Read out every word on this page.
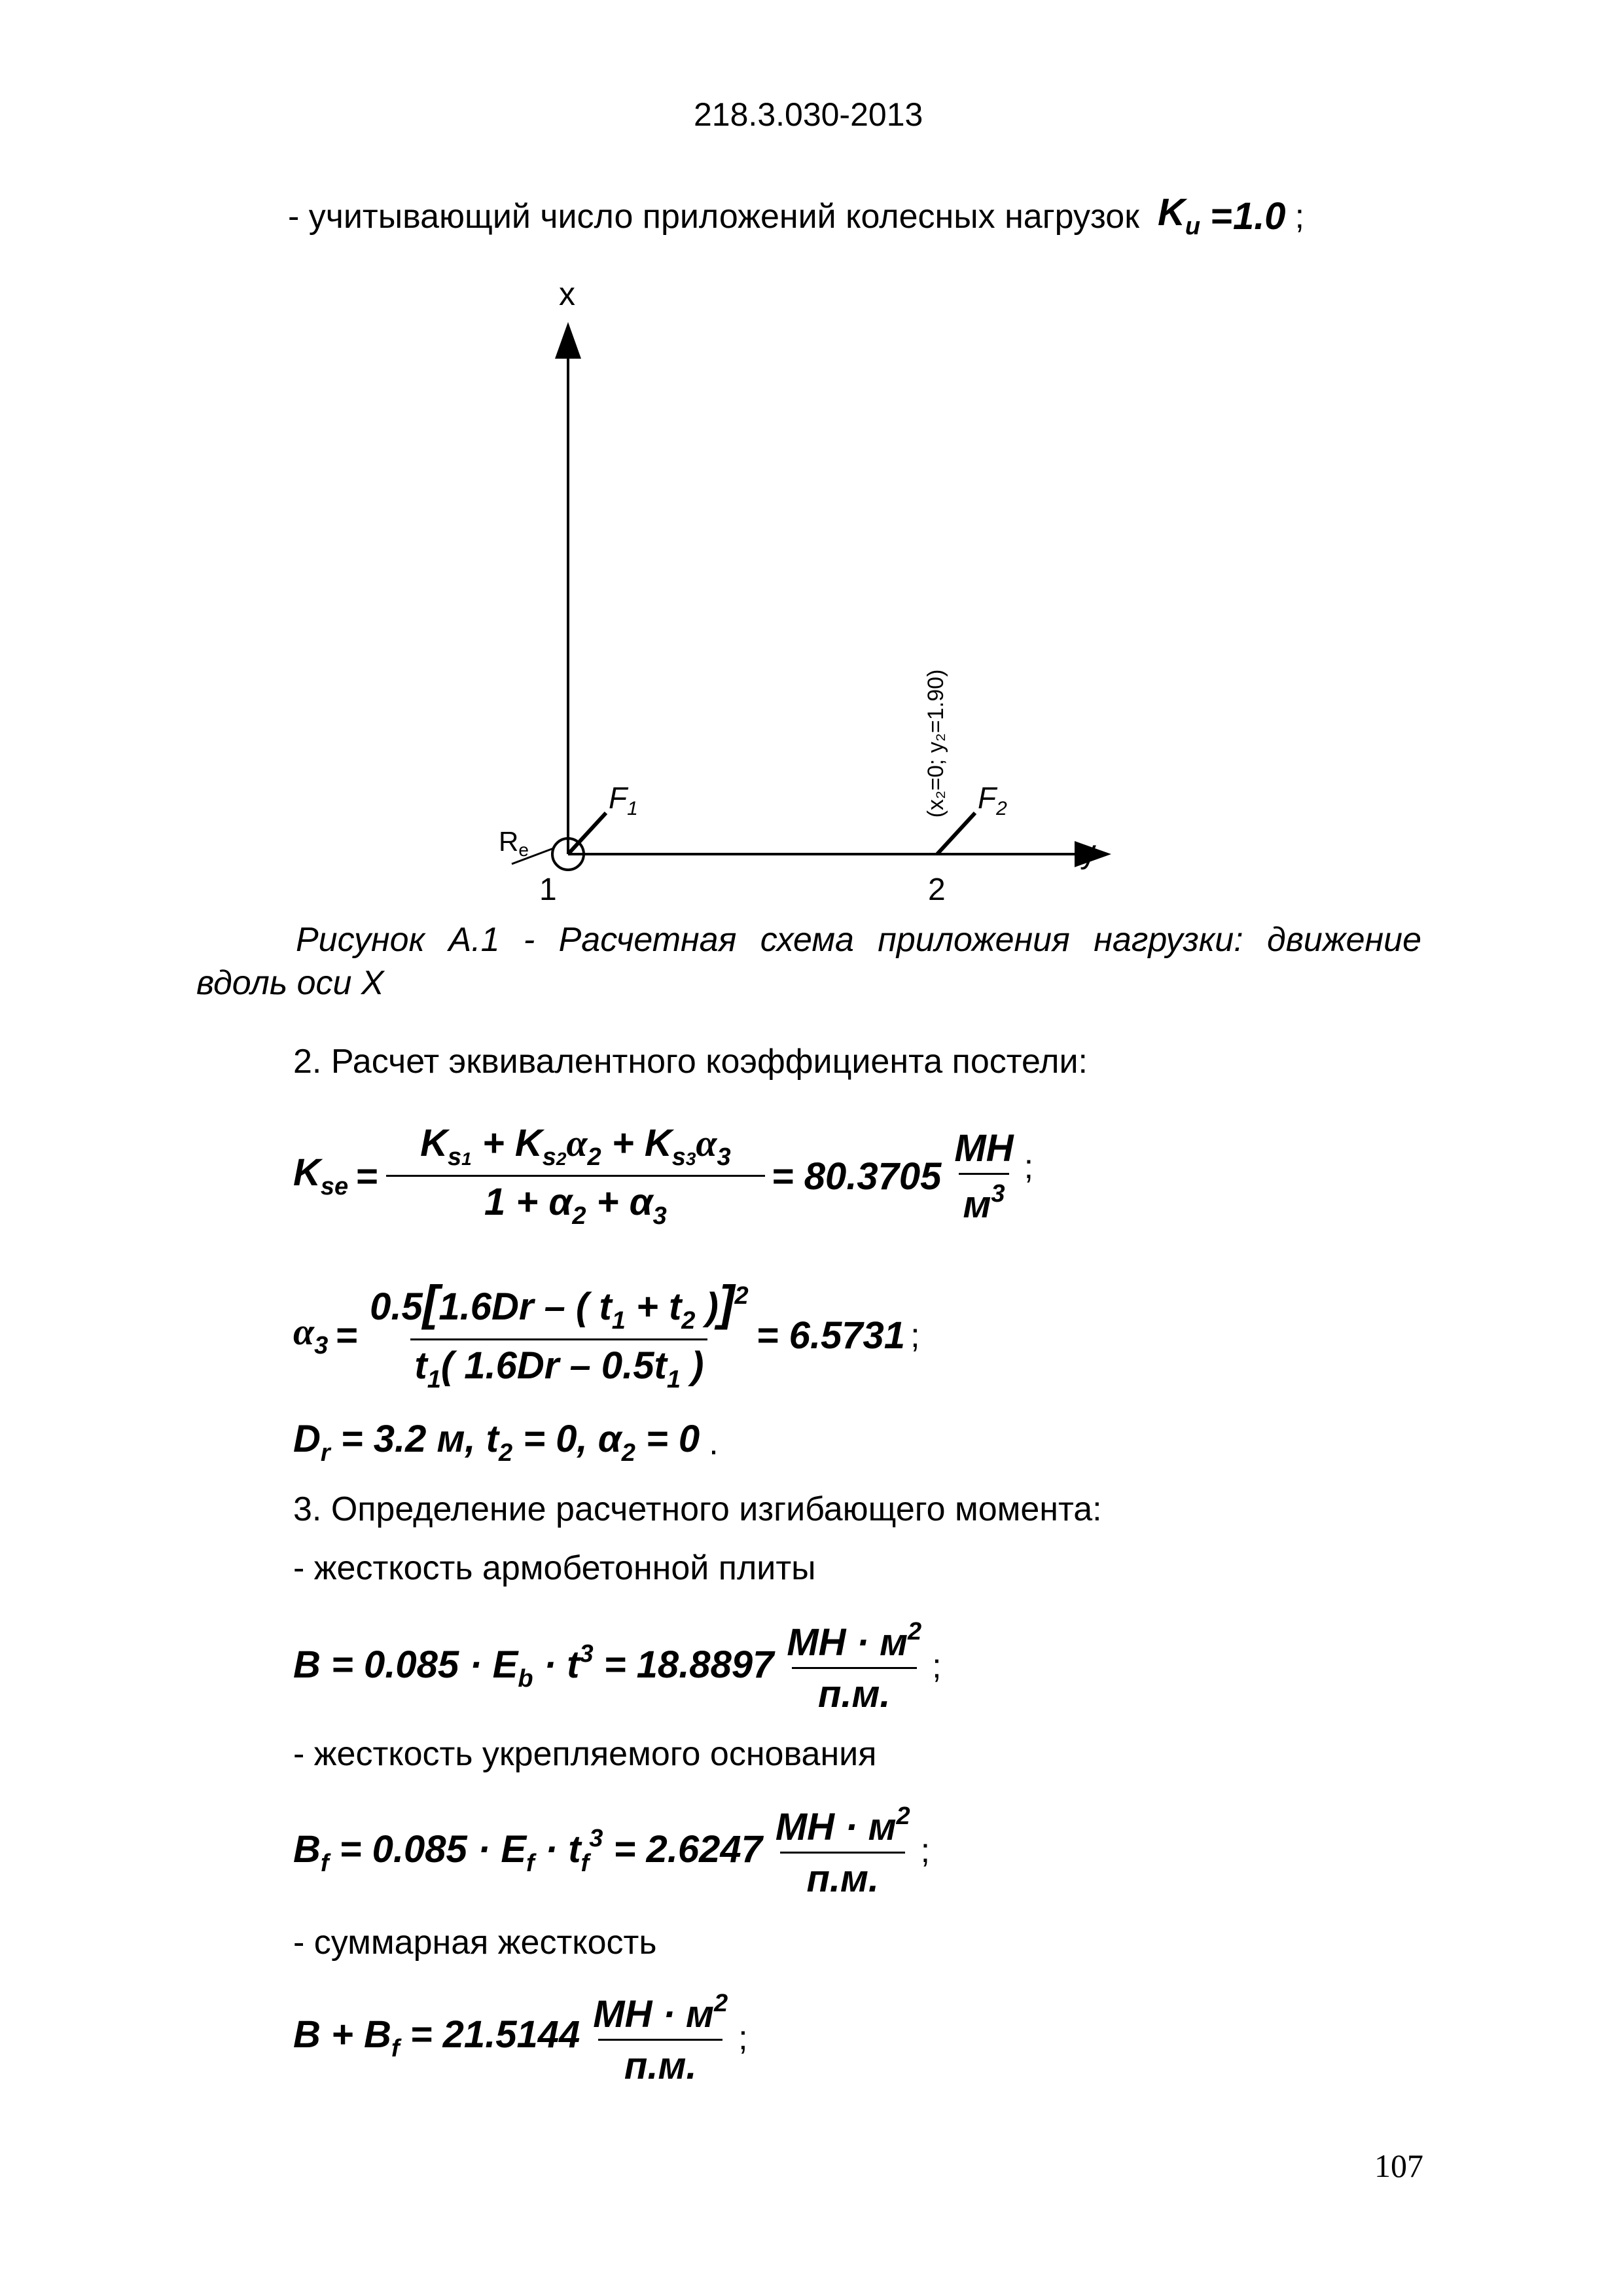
218.3.030-2013
- учитывающий число приложений колесных нагрузок $K_u = 1.0$ ;
x
y
$F_1$	$F_2$
Re
1	2
(x₂=0; y₂=1.90)
Рисунок А.1 - Расчетная схема приложения нагрузки: движение
вдоль оси X
2. Расчет эквивалентного коэффициента постели:
$K_{se} = \frac{K_{s1} + K_{s2}\alpha_2 + K_{s3}\alpha_3}{1 + \alpha_2 + \alpha_3} = 80.3705 \frac{МН}{м^3}$ ;
$\alpha_3 = \frac{0.5[1.6Dr - ( t_1 + t_2 )]^2}{t_1( 1.6Dr - 0.5t_1 )} = 6.5731$ ;
$D_r = 3.2$ м, $t_2 = 0$, $\alpha_2 = 0$ .
3. Определение расчетного изгибающего момента:
- жесткость армобетонной плиты
$B = 0.085 \cdot E_b \cdot t^3 = 18.8897 \frac{МН \cdot м^2}{п.м.}$ ;
- жесткость укрепляемого основания
$B_f = 0.085 \cdot E_f \cdot t_f^3 = 2.6247 \frac{МН \cdot м^2}{п.м.}$ ;
- суммарная жесткость
$B + B_f = 21.5144 \frac{МН \cdot м^2}{п.м.}$ ;
107
